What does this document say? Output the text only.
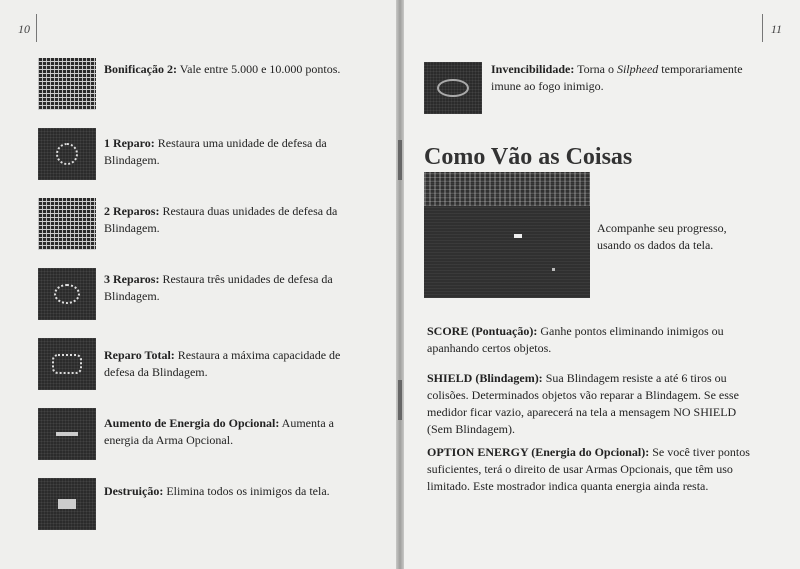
10	11
Bonificação 2: Vale entre 5.000 e 10.000 pontos.
1 Reparo: Restaura uma unidade de defesa da Blindagem.
2 Reparos: Restaura duas unidades de defesa da Blindagem.
3 Reparos: Restaura três unidades de defesa da Blindagem.
Reparo Total: Restaura a máxima capacidade de defesa da Blindagem.
Aumento de Energia do Opcional: Aumenta a energia da Arma Opcional.
Destruição: Elimina todos os inimigos da tela.
Invencibilidade: Torna o Silpheed temporariamente imune ao fogo inimigo.
Como Vão as Coisas
Acompanhe seu progresso, usando os dados da tela.
SCORE (Pontuação): Ganhe pontos eliminando inimigos ou apanhando certos objetos.
SHIELD (Blindagem): Sua Blindagem resiste a até 6 tiros ou colisões. Determinados objetos vão reparar a Blindagem. Se esse medidor ficar vazio, aparecerá na tela a mensagem NO SHIELD (Sem Blindagem).
OPTION ENERGY (Energia do Opcional): Se você tiver pontos suficientes, terá o direito de usar Armas Opcionais, que têm uso limitado. Este mostrador indica quanta energia ainda resta.
